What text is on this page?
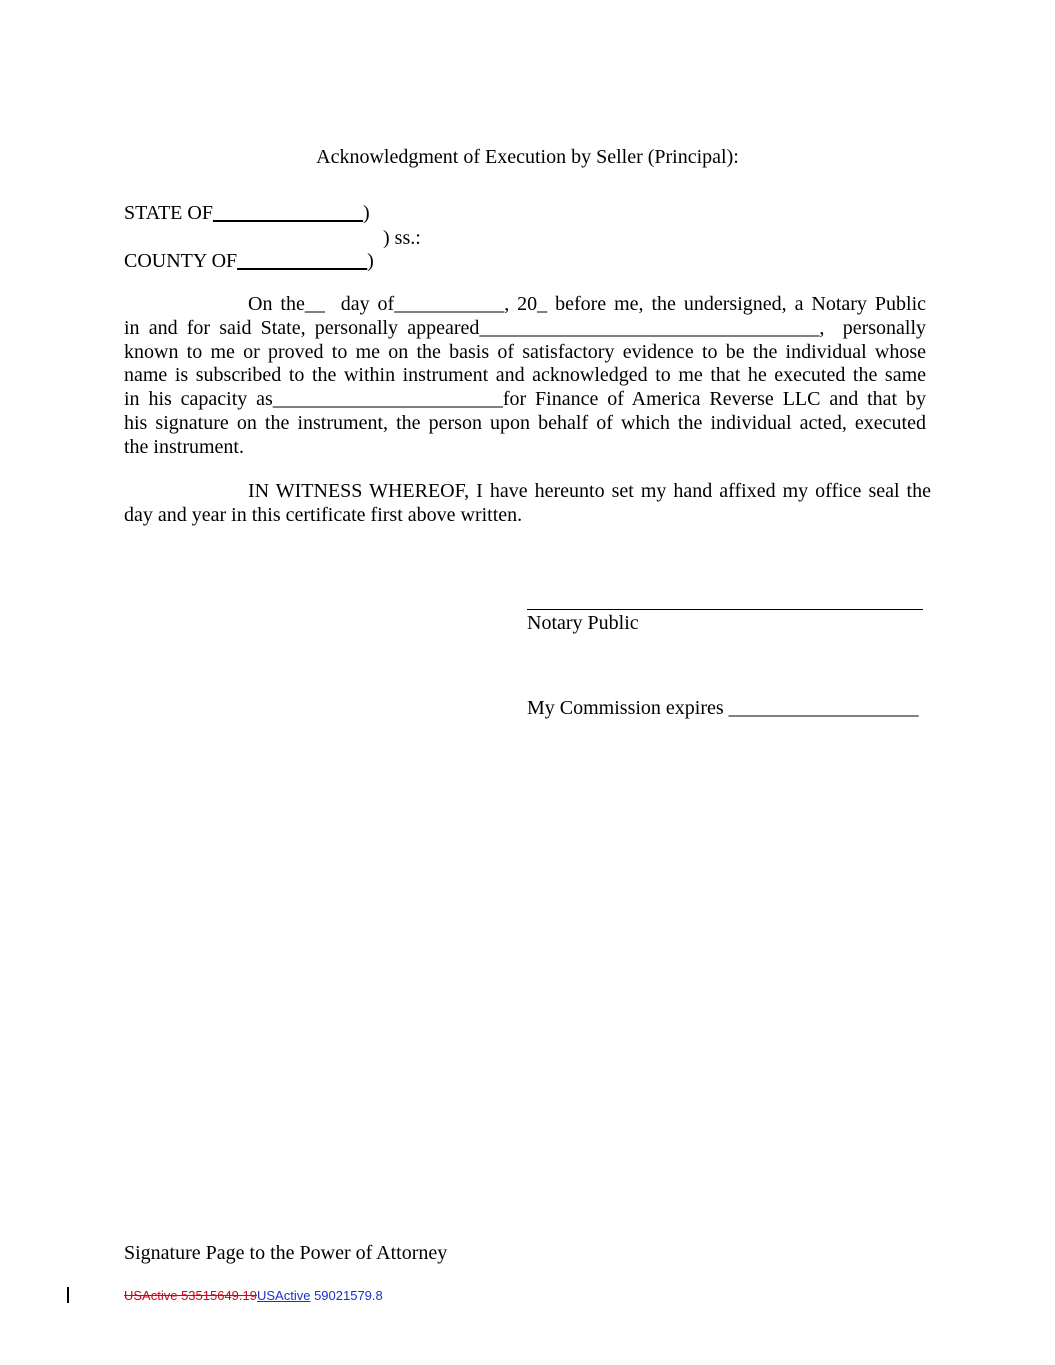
Acknowledgment of Execution by Seller (Principal):
STATE OF_______________)
) ss.:
COUNTY OF_____________)
On the__  day of___________, 20_ before me, the undersigned, a Notary Public
in and for said State, personally appeared__________________________________,  personally
known to me or proved to me on the basis of satisfactory evidence to be the individual whose
name is subscribed to the within instrument and acknowledged to me that he executed the same
in his capacity as_______________________for Finance of America Reverse LLC and that by
his signature on the instrument, the person upon behalf of which the individual acted, executed
the instrument.
IN WITNESS WHEREOF, I have hereunto set my hand affixed my office seal the
day and year in this certificate first above written.
Notary Public
My Commission expires ___________________
Signature Page to the Power of Attorney
USActive 53515649.19USActive 59021579.8
